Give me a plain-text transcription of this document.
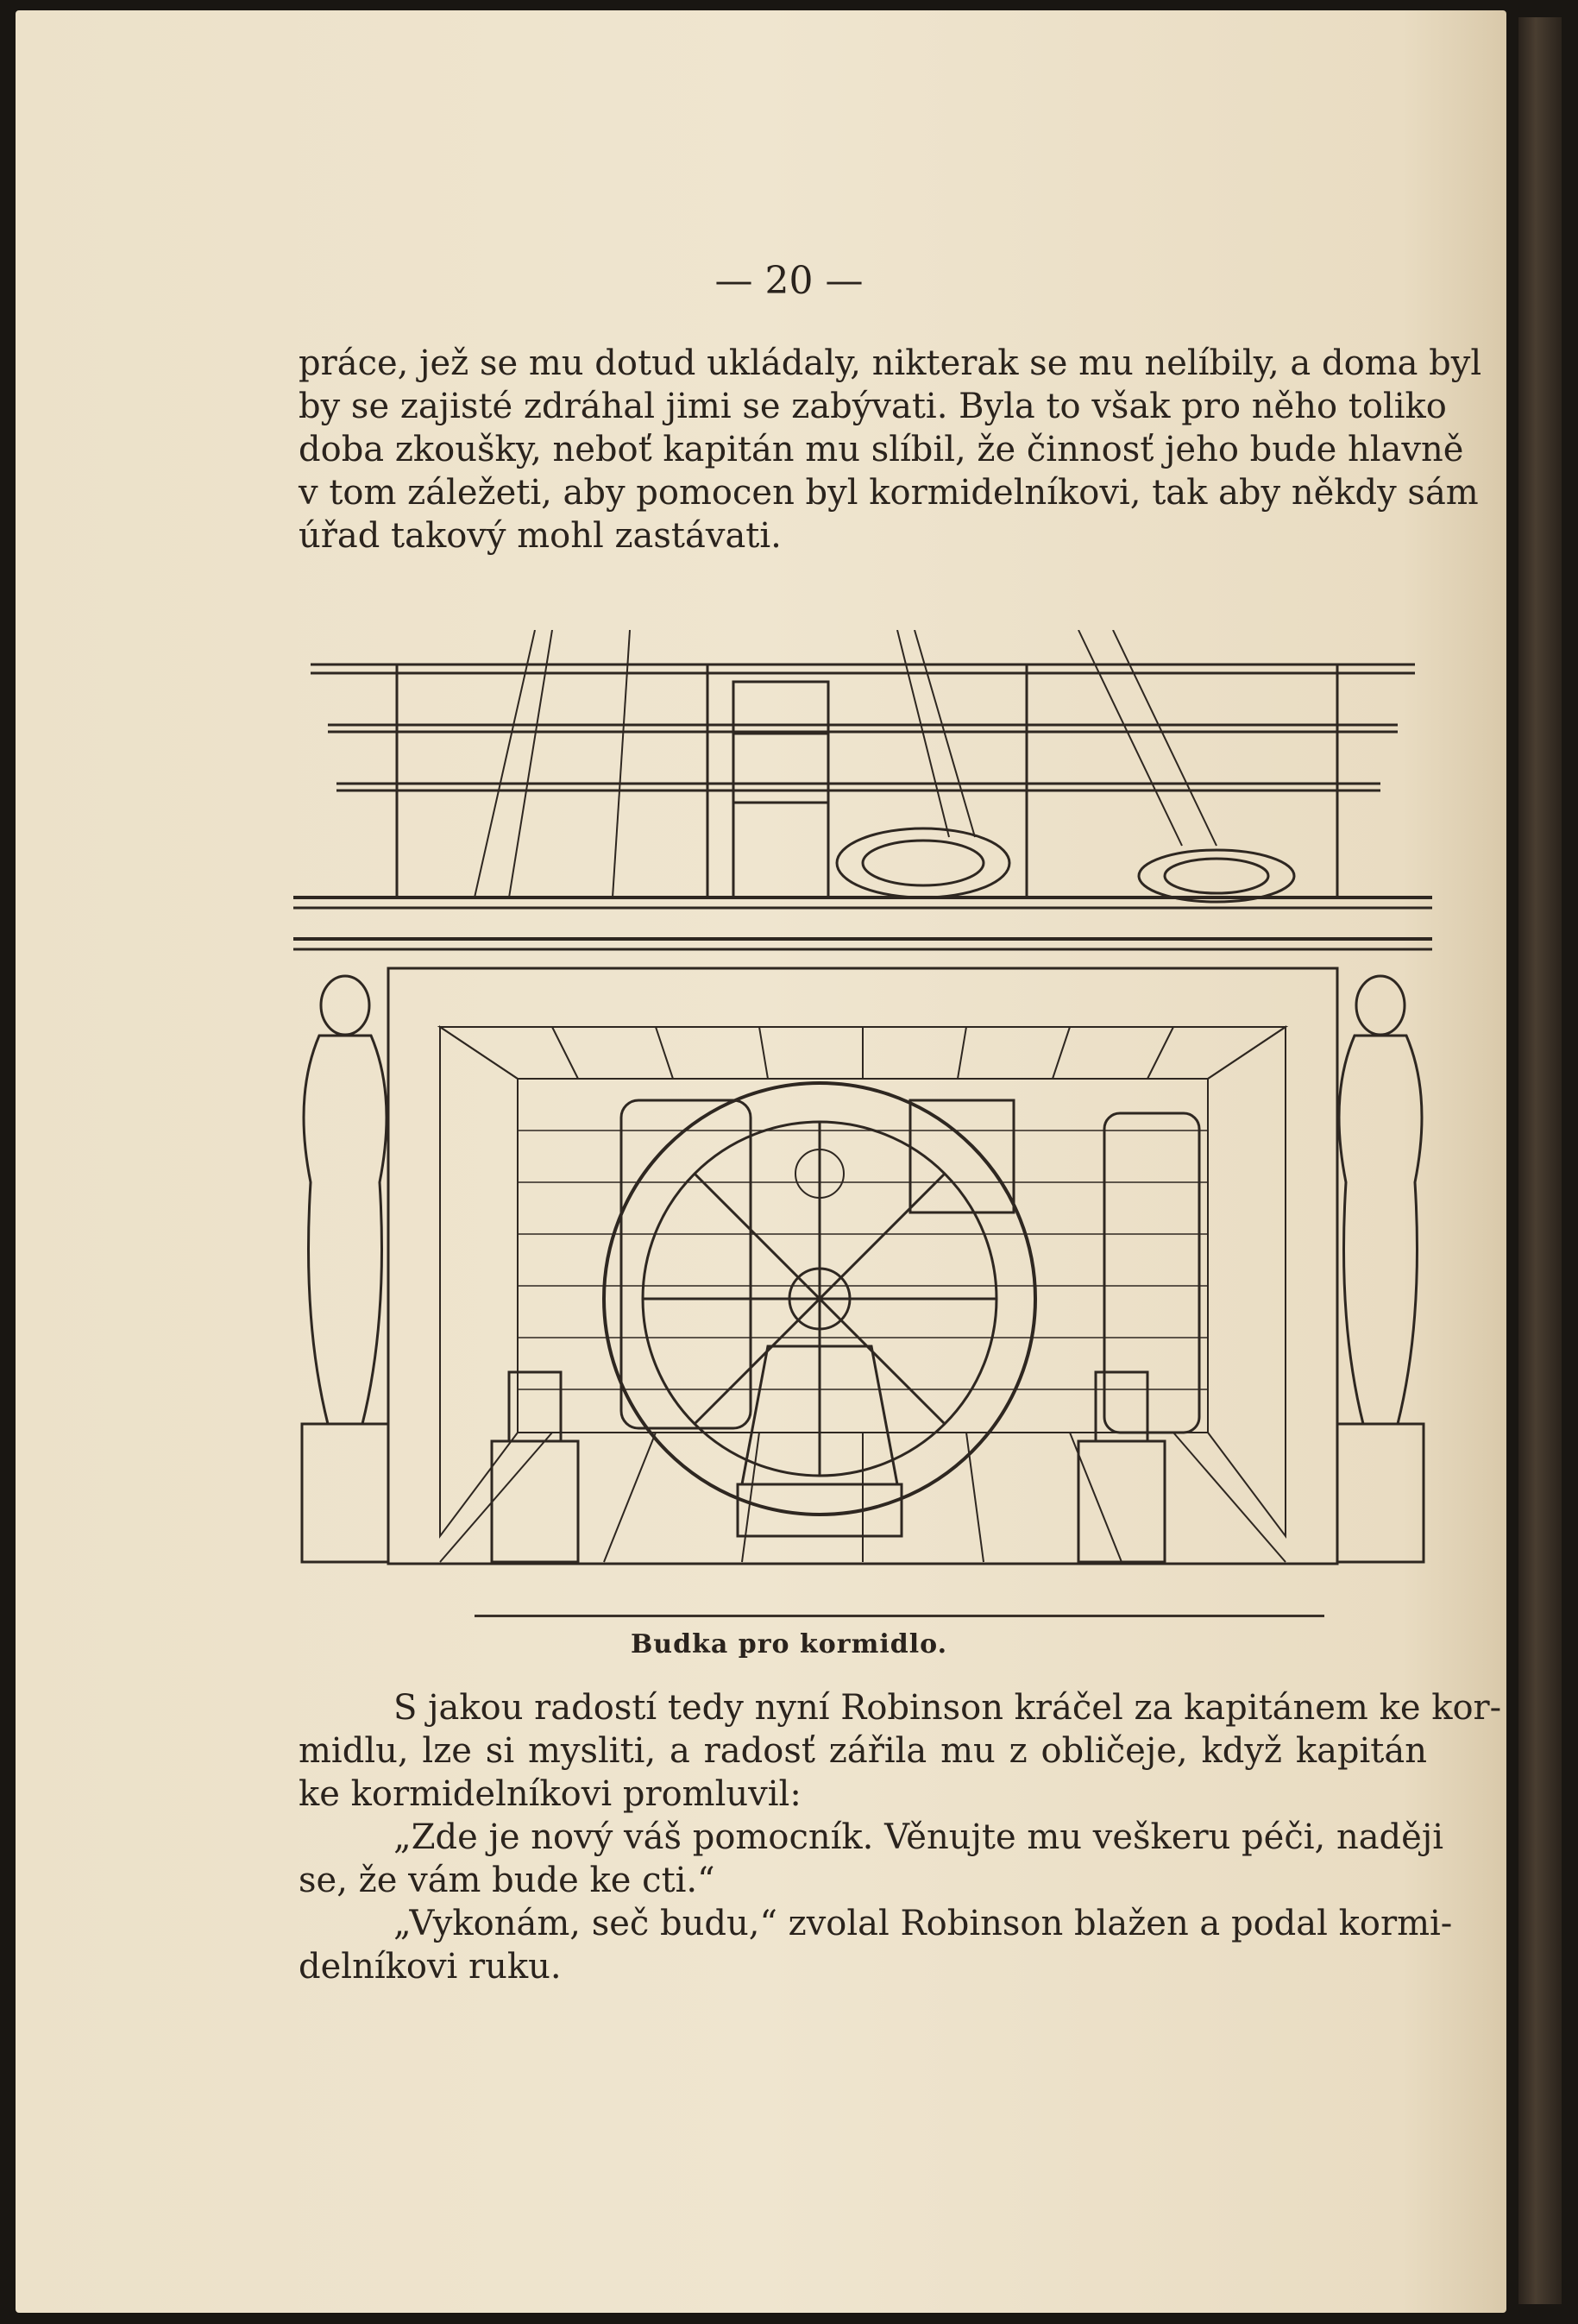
— 20 —

práce, jež se mu dotud ukládaly, nikterak se mu nelíbily, a doma byl
by se zajisté zdráhal jimi se zabývati. Byla to však pro něho toliko
doba zkoušky, neboť kapitán mu slíbil, že činnosť jeho bude hlavně
v tom záležeti, aby pomocen byl kormidelníkovi, tak aby někdy sám
úřad takový mohl zastávati.

Budka pro kormidlo.

S jakou radostí tedy nyní Robinson kráčel za kapitánem ke kor-
midlu, lze si mysliti, a radosť zářila mu z obličeje, když kapitán
ke kormidelníkovi promluvil:

„Zde je nový váš pomocník. Věnujte mu veškeru péči, naději
se, že vám bude ke cti.“

„Vykonám, seč budu,“ zvolal Robinson blažen a podal kormi-
delníkovi ruku.
